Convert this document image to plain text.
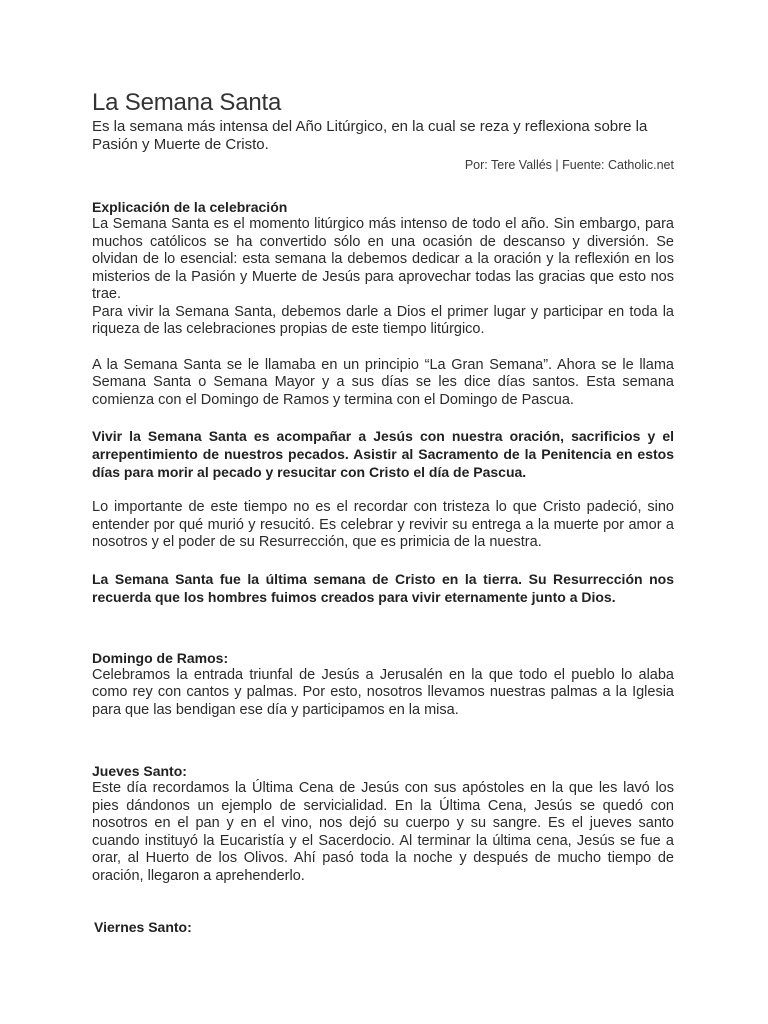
La Semana Santa

Es la semana más intensa del Año Litúrgico, en la cual se reza y reflexiona sobre la Pasión y Muerte de Cristo.

Por: Tere Vallés | Fuente: Catholic.net

Explicación de la celebración

La Semana Santa es el momento litúrgico más intenso de todo el año. Sin embargo, para muchos católicos se ha convertido sólo en una ocasión de descanso y diversión. Se olvidan de lo esencial: esta semana la debemos dedicar a la oración y la reflexión en los misterios de la Pasión y Muerte de Jesús para aprovechar todas las gracias que esto nos trae.

Para vivir la Semana Santa, debemos darle a Dios el primer lugar y participar en toda la riqueza de las celebraciones propias de este tiempo litúrgico.

A la Semana Santa se le llamaba en un principio “La Gran Semana”. Ahora se le llama Semana Santa o Semana Mayor y a sus días se les dice días santos. Esta semana comienza con el Domingo de Ramos y termina con el Domingo de Pascua.

Vivir la Semana Santa es acompañar a Jesús con nuestra oración, sacrificios y el arrepentimiento de nuestros pecados. Asistir al Sacramento de la Penitencia en estos días para morir al pecado y resucitar con Cristo el día de Pascua.

Lo importante de este tiempo no es el recordar con tristeza lo que Cristo padeció, sino entender por qué murió y resucitó. Es celebrar y revivir su entrega a la muerte por amor a nosotros y el poder de su Resurrección, que es primicia de la nuestra.

La Semana Santa fue la última semana de Cristo en la tierra. Su Resurrección nos recuerda que los hombres fuimos creados para vivir eternamente junto a Dios.

Domingo de Ramos:

Celebramos la entrada triunfal de Jesús a Jerusalén en la que todo el pueblo lo alaba como rey con cantos y palmas. Por esto, nosotros llevamos nuestras palmas a la Iglesia para que las bendigan ese día y participamos en la misa.

Jueves Santo:

Este día recordamos la Última Cena de Jesús con sus apóstoles en la que les lavó los pies dándonos un ejemplo de servicialidad. En la Última Cena, Jesús se quedó con nosotros en el pan y en el vino, nos dejó su cuerpo y su sangre. Es el jueves santo cuando instituyó la Eucaristía y el Sacerdocio. Al terminar la última cena, Jesús se fue a orar, al Huerto de los Olivos. Ahí pasó toda la noche y después de mucho tiempo de oración, llegaron a aprehenderlo.

Viernes Santo:
